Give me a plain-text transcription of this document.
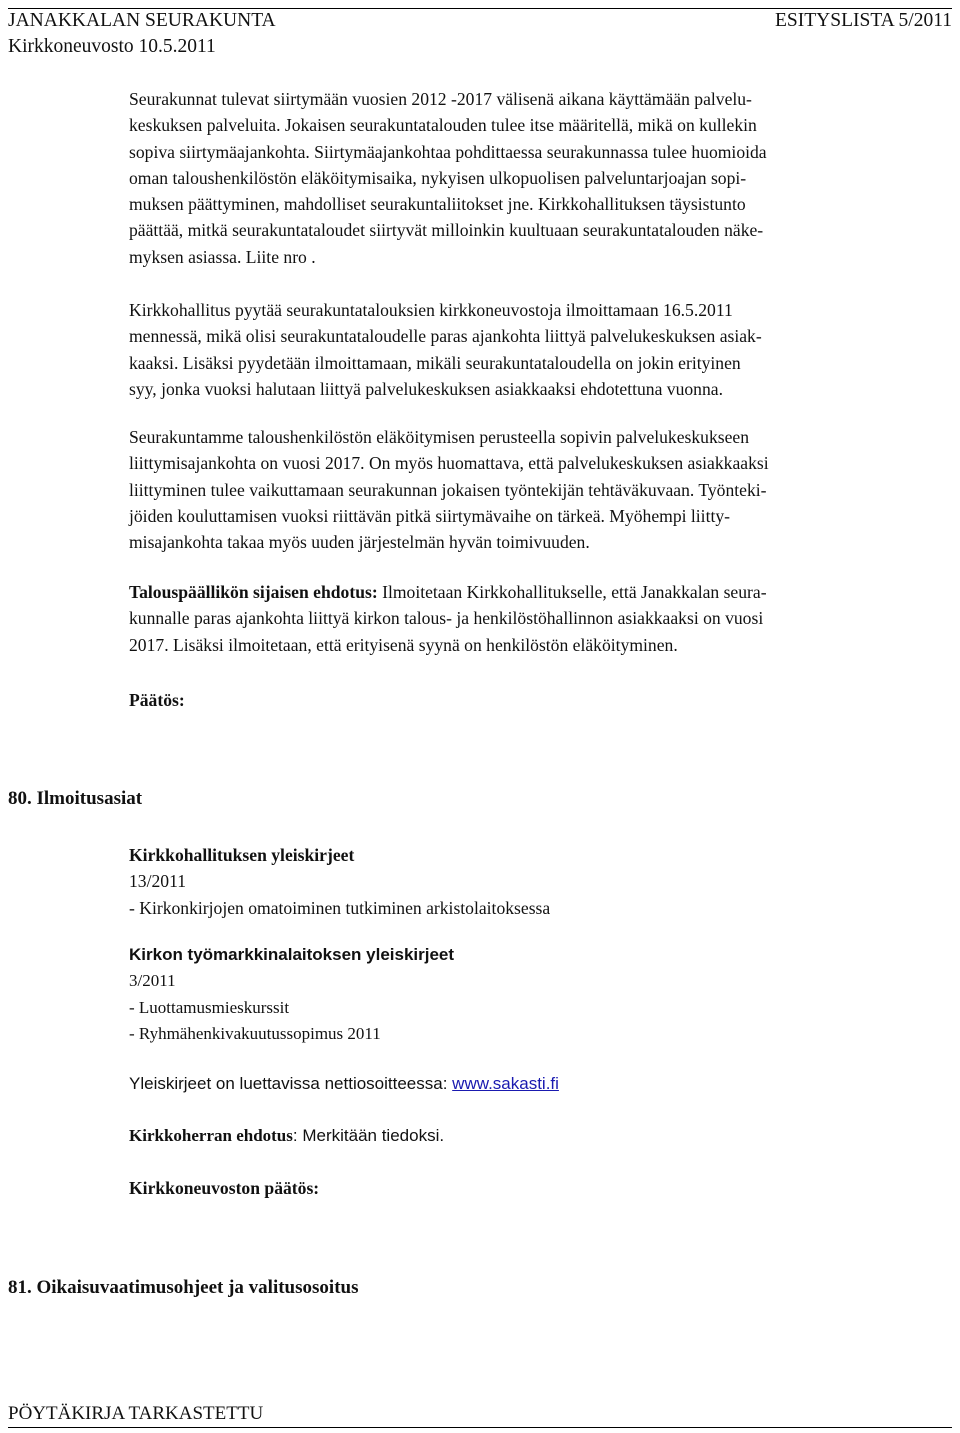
JANAKKALAN SEURAKUNTA	ESITYSLISTA 5/2011
Kirkkoneuvosto 10.5.2011
Seurakunnat tulevat siirtymään vuosien 2012 -2017 välisenä aikana käyttämään palvelu-
keskuksen palveluita. Jokaisen seurakuntatalouden tulee itse määritellä, mikä on kullekin
sopiva siirtymäajankohta. Siirtymäajankohtaa pohdittaessa seurakunnassa tulee huomioida
oman taloushenkilöstön eläköitymisaika, nykyisen ulkopuolisen palveluntarjoajan sopi-
muksen päättyminen, mahdolliset seurakuntaliitokset jne. Kirkkohallituksen täysistunto
päättää, mitkä seurakuntataloudet siirtyvät milloinkin kuultuaan seurakuntatalouden näke-
myksen asiassa. Liite nro .
Kirkkohallitus pyytää seurakuntatalouksien kirkkoneuvostoja ilmoittamaan 16.5.2011
mennessä, mikä olisi seurakuntataloudelle paras ajankohta liittyä palvelukeskuksen asiak-
kaaksi. Lisäksi pyydetään ilmoittamaan, mikäli seurakuntataloudella on jokin erityinen
syy, jonka vuoksi halutaan liittyä palvelukeskuksen asiakkaaksi ehdotettuna vuonna.
Seurakuntamme taloushenkilöstön eläköitymisen perusteella sopivin palvelukeskukseen
liittymisajankohta on vuosi 2017. On myös huomattava, että palvelukeskuksen asiakkaaksi
liittyminen tulee vaikuttamaan seurakunnan jokaisen työntekijän tehtäväkuvaan. Työnteki-
jöiden kouluttamisen vuoksi riittävän pitkä siirtymävaihe on tärkeä. Myöhempi liitty-
misajankohta takaa myös uuden järjestelmän hyvän toimivuuden.
Talouspäällikön sijaisen ehdotus: Ilmoitetaan Kirkkohallitukselle, että Janakkalan seura-
kunnalle paras ajankohta liittyä kirkon talous- ja henkilöstöhallinnon asiakkaaksi on vuosi
2017. Lisäksi ilmoitetaan, että erityisenä syynä on henkilöstön eläköityminen.
Päätös:
80. Ilmoitusasiat
Kirkkohallituksen yleiskirjeet
13/2011
- Kirkonkirjojen omatoiminen tutkiminen arkistolaitoksessa
Kirkon työmarkkinalaitoksen yleiskirjeet
3/2011
- Luottamusmieskurssit
- Ryhmähenkivakuutussopimus 2011
Yleiskirjeet on luettavissa nettiosoitteessa: www.sakasti.fi
Kirkkoherran ehdotus: Merkitään tiedoksi.
Kirkkoneuvoston päätös:
81. Oikaisuvaatimusohjeet ja valitusosoitus
PÖYTÄKIRJA TARKASTETTU
